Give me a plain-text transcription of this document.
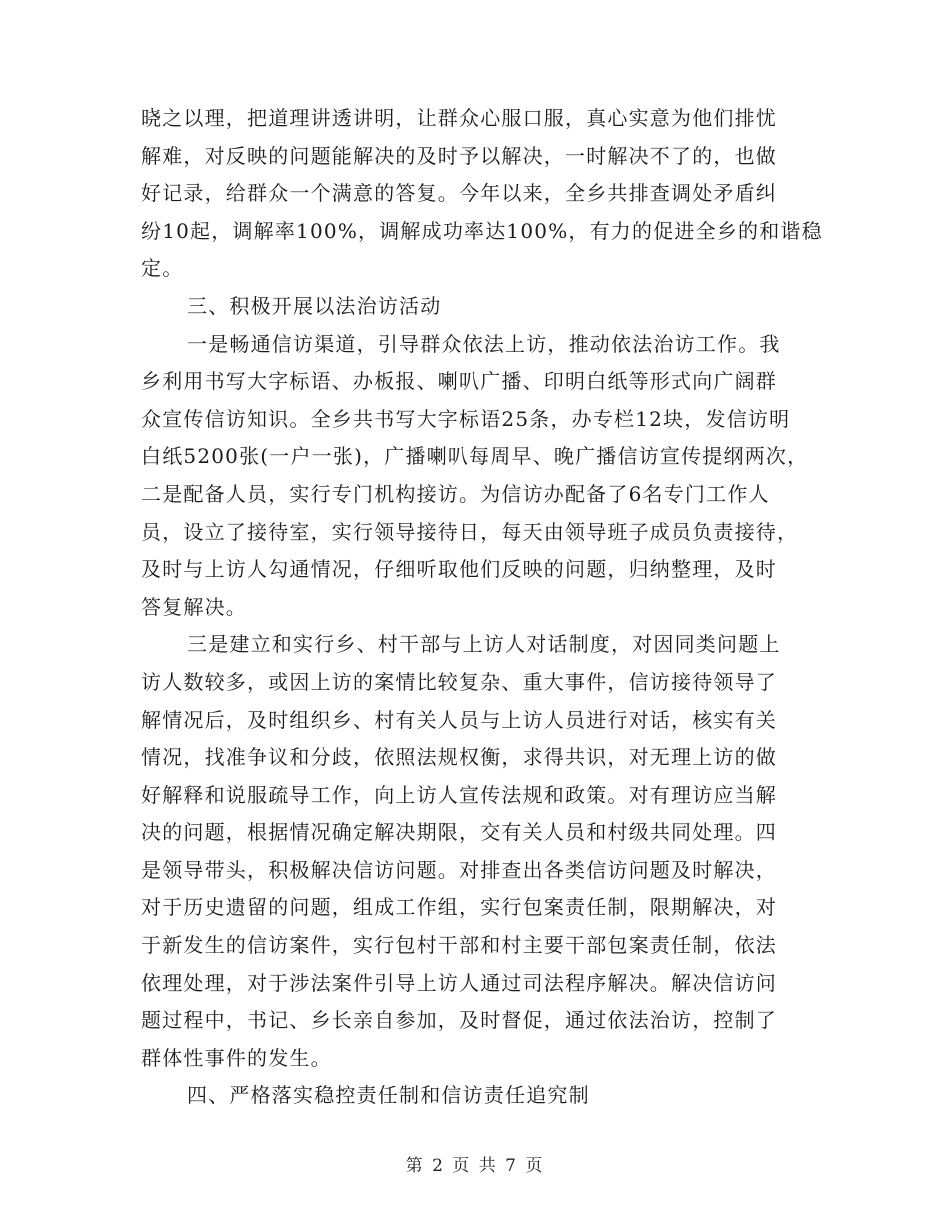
晓之以理，把道理讲透讲明，让群众心服口服，真心实意为他们排忧
解难，对反映的问题能解决的及时予以解决，一时解决不了的，也做
好记录，给群众一个满意的答复。今年以来，全乡共排查调处矛盾纠
纷10起，调解率100%，调解成功率达100%，有力的促进全乡的和谐稳
定。
三、积极开展以法治访活动
一是畅通信访渠道，引导群众依法上访，推动依法治访工作。我
乡利用书写大字标语、办板报、喇叭广播、印明白纸等形式向广阔群
众宣传信访知识。全乡共书写大字标语25条，办专栏12块，发信访明
白纸5200张(一户一张)，广播喇叭每周早、晚广播信访宣传提纲两次，
二是配备人员，实行专门机构接访。为信访办配备了6名专门工作人
员，设立了接待室，实行领导接待日，每天由领导班子成员负责接待，
及时与上访人勾通情况，仔细听取他们反映的问题，归纳整理，及时
答复解决。
三是建立和实行乡、村干部与上访人对话制度，对因同类问题上
访人数较多，或因上访的案情比较复杂、重大事件，信访接待领导了
解情况后，及时组织乡、村有关人员与上访人员进行对话，核实有关
情况，找准争议和分歧，依照法规权衡，求得共识，对无理上访的做
好解释和说服疏导工作，向上访人宣传法规和政策。对有理访应当解
决的问题，根据情况确定解决期限，交有关人员和村级共同处理。四
是领导带头，积极解决信访问题。对排查出各类信访问题及时解决，
对于历史遗留的问题，组成工作组，实行包案责任制，限期解决，对
于新发生的信访案件，实行包村干部和村主要干部包案责任制，依法
依理处理，对于涉法案件引导上访人通过司法程序解决。解决信访问
题过程中，书记、乡长亲自参加，及时督促，通过依法治访，控制了
群体性事件的发生。
四、严格落实稳控责任制和信访责任追究制
第 2 页 共 7 页
